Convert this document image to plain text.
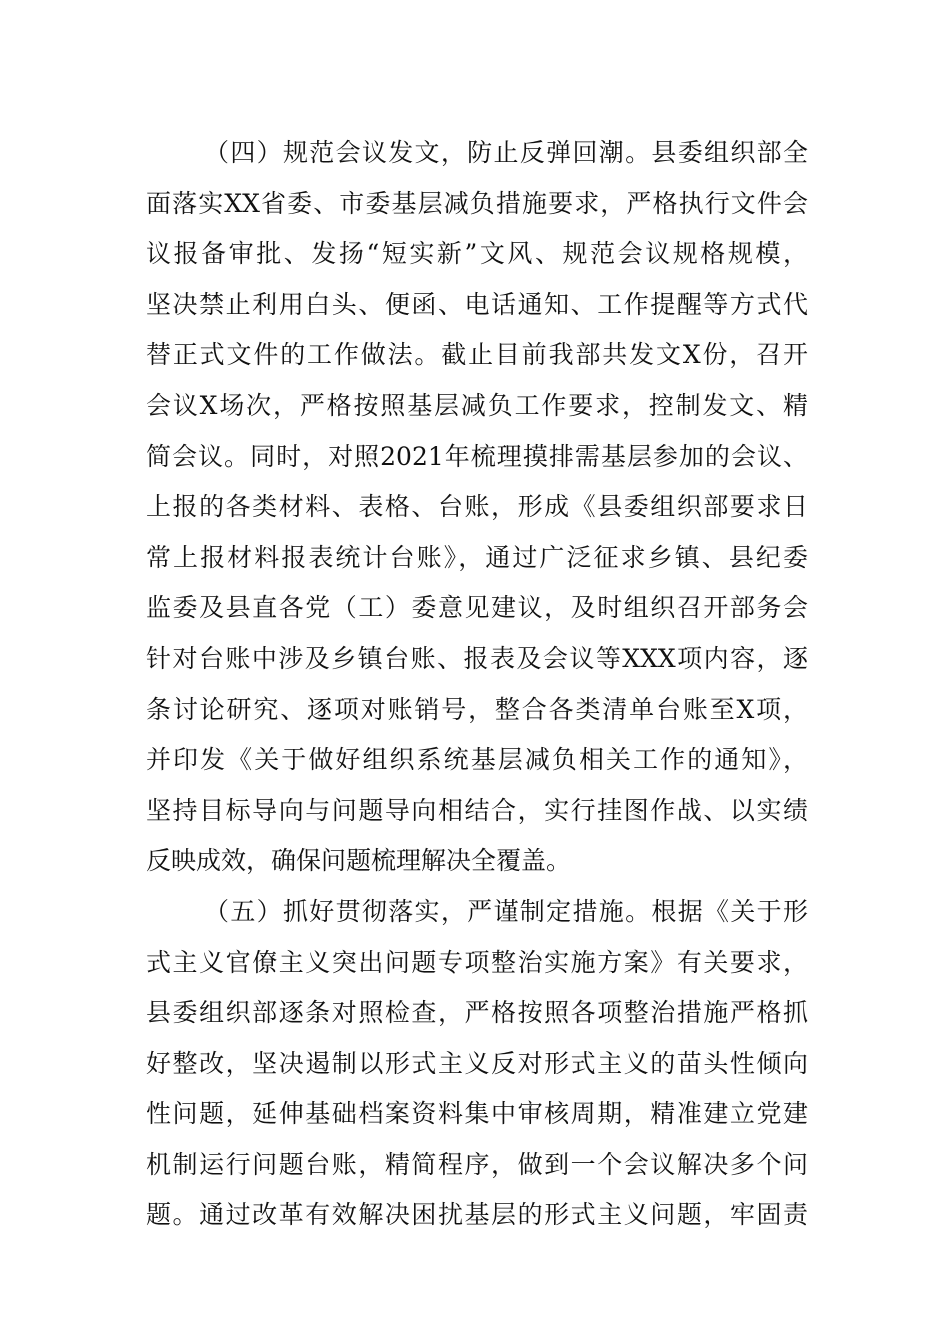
（四）规范会议发文，防止反弹回潮。县委组织部全
面落实XX省委、市委基层减负措施要求，严格执行文件会
议报备审批、发扬“短实新”文风、规范会议规格规模，
坚决禁止利用白头、便函、电话通知、工作提醒等方式代
替正式文件的工作做法。截止目前我部共发文X份，召开
会议X场次，严格按照基层减负工作要求，控制发文、精
简会议。同时，对照2021年梳理摸排需基层参加的会议、
上报的各类材料、表格、台账，形成《县委组织部要求日
常上报材料报表统计台账》，通过广泛征求乡镇、县纪委
监委及县直各党（工）委意见建议，及时组织召开部务会
针对台账中涉及乡镇台账、报表及会议等XXX项内容，逐
条讨论研究、逐项对账销号，整合各类清单台账至X项，
并印发《关于做好组织系统基层减负相关工作的通知》，
坚持目标导向与问题导向相结合，实行挂图作战、以实绩
反映成效，确保问题梳理解决全覆盖。
（五）抓好贯彻落实，严谨制定措施。根据《关于形
式主义官僚主义突出问题专项整治实施方案》有关要求，
县委组织部逐条对照检查，严格按照各项整治措施严格抓
好整改，坚决遏制以形式主义反对形式主义的苗头性倾向
性问题，延伸基础档案资料集中审核周期，精准建立党建
机制运行问题台账，精简程序，做到一个会议解决多个问
题。通过改革有效解决困扰基层的形式主义问题，牢固责
